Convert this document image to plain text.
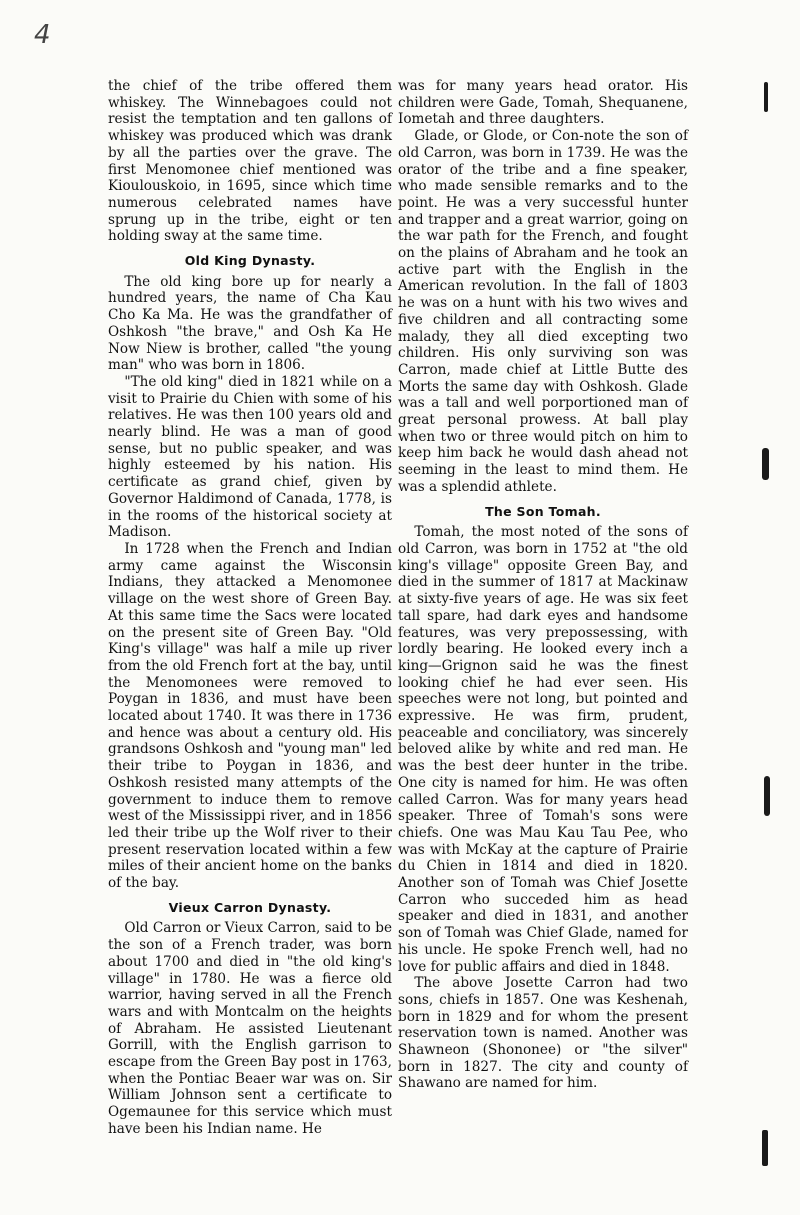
4

the chief of the tribe offered them whiskey. The Winnebagoes could not resist the temptation and ten gallons of whiskey was produced which was drank by all the parties over the grave. The first Menomonee chief mentioned was Kioulouskoio, in 1695, since which time numerous celebrated names have sprung up in the tribe, eight or ten holding sway at the same time.

Old King Dynasty.

The old king bore up for nearly a hundred years, the name of Cha Kau Cho Ka Ma. He was the grandfather of Oshkosh "the brave," and Osh Ka He Now Niew is brother, called "the young man" who was born in 1806.

"The old king" died in 1821 while on a visit to Prairie du Chien with some of his relatives. He was then 100 years old and nearly blind. He was a man of good sense, but no public speaker, and was highly esteemed by his nation. His certificate as grand chief, given by Governor Haldimond of Canada, 1778, is in the rooms of the historical society at Madison.

In 1728 when the French and Indian army came against the Wisconsin Indians, they attacked a Menomonee village on the west shore of Green Bay. At this same time the Sacs were located on the present site of Green Bay. "Old King's village" was half a mile up river from the old French fort at the bay, until the Menomonees were removed to Poygan in 1836, and must have been located about 1740. It was there in 1736 and hence was about a century old. His grandsons Oshkosh and "young man" led their tribe to Poygan in 1836, and Oshkosh resisted many attempts of the government to induce them to remove west of the Mississippi river, and in 1856 led their tribe up the Wolf river to their present reservation located within a few miles of their ancient home on the banks of the bay.

Vieux Carron Dynasty.

Old Carron or Vieux Carron, said to be the son of a French trader, was born about 1700 and died in "the old king's village" in 1780. He was a fierce old warrior, having served in all the French wars and with Montcalm on the heights of Abraham. He assisted Lieutenant Gorrill, with the English garrison to escape from the Green Bay post in 1763, when the Pontiac Beaer war was on. Sir William Johnson sent a certificate to Ogemaunee for this service which must have been his Indian name. He

was for many years head orator. His children were Gade, Tomah, Shequanene, Iometah and three daughters.

Glade, or Glode, or Con-note the son of old Carron, was born in 1739. He was the orator of the tribe and a fine speaker, who made sensible remarks and to the point. He was a very successful hunter and trapper and a great warrior, going on the war path for the French, and fought on the plains of Abraham and he took an active part with the English in the American revolution. In the fall of 1803 he was on a hunt with his two wives and five children and all contracting some malady, they all died excepting two children. His only surviving son was Carron, made chief at Little Butte des Morts the same day with Oshkosh. Glade was a tall and well porportioned man of great personal prowess. At ball play when two or three would pitch on him to keep him back he would dash ahead not seeming in the least to mind them. He was a splendid athlete.

The Son Tomah.

Tomah, the most noted of the sons of old Carron, was born in 1752 at "the old king's village" opposite Green Bay, and died in the summer of 1817 at Mackinaw at sixty-five years of age. He was six feet tall spare, had dark eyes and handsome features, was very prepossessing, with lordly bearing. He looked every inch a king—Grignon said he was the finest looking chief he had ever seen. His speeches were not long, but pointed and expressive. He was firm, prudent, peaceable and conciliatory, was sincerely beloved alike by white and red man. He was the best deer hunter in the tribe. One city is named for him. He was often called Carron. Was for many years head speaker. Three of Tomah's sons were chiefs. One was Mau Kau Tau Pee, who was with McKay at the capture of Prairie du Chien in 1814 and died in 1820. Another son of Tomah was Chief Josette Carron who succeded him as head speaker and died in 1831, and another son of Tomah was Chief Glade, named for his uncle. He spoke French well, had no love for public affairs and died in 1848.

The above Josette Carron had two sons, chiefs in 1857. One was Keshenah, born in 1829 and for whom the present reservation town is named. Another was Shawneon (Shononee) or "the silver" born in 1827. The city and county of Shawano are named for him.
